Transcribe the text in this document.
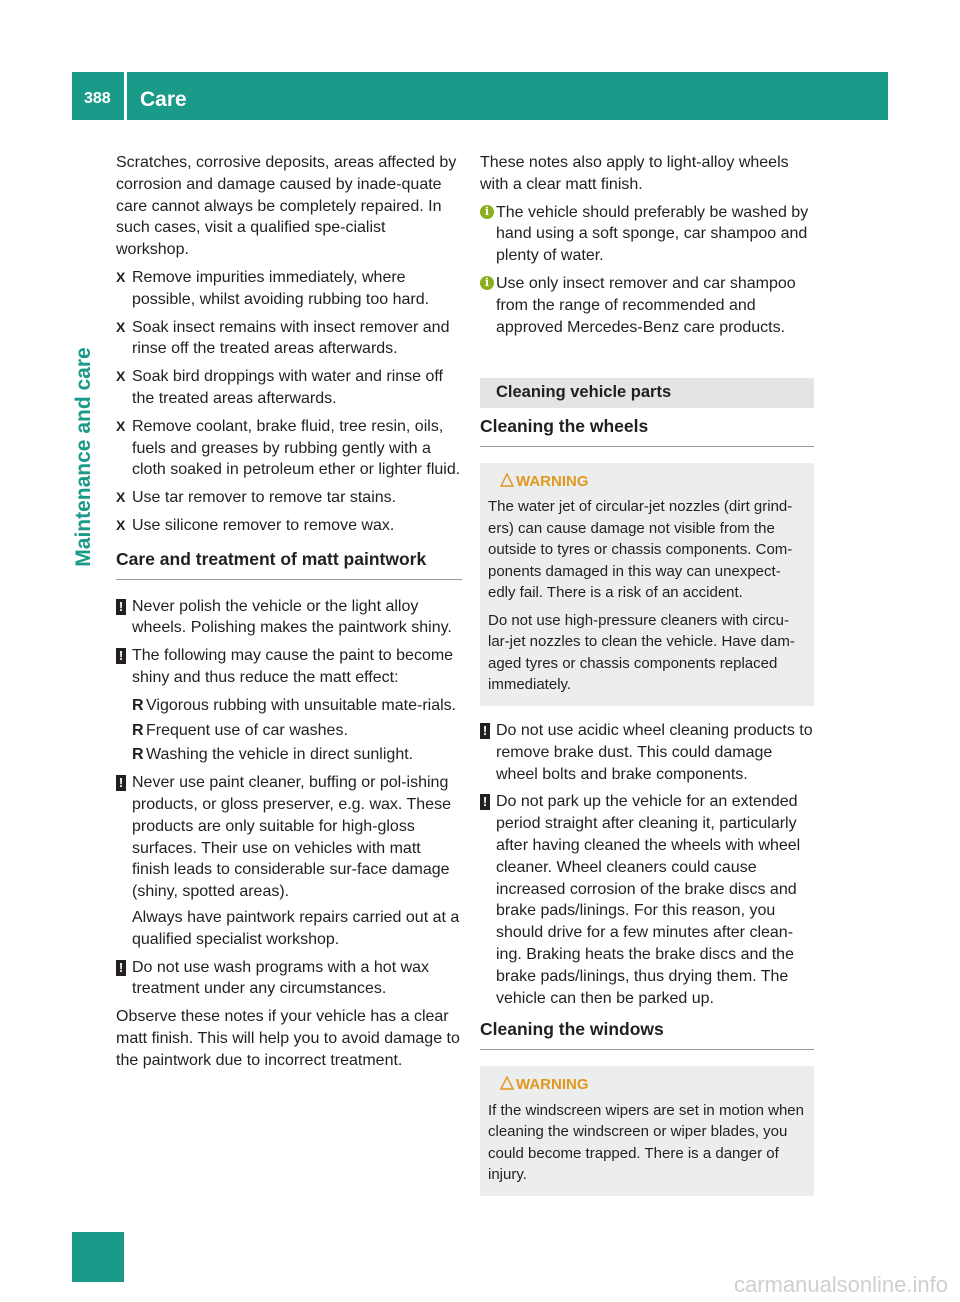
388 Care
Maintenance and care

Scratches, corrosive deposits, areas affected by corrosion and damage caused by inade-quate care cannot always be completely repaired. In such cases, visit a qualified spe-cialist workshop.

X Remove impurities immediately, where possible, whilst avoiding rubbing too hard.
X Soak insect remains with insect remover and rinse off the treated areas afterwards.
X Soak bird droppings with water and rinse off the treated areas afterwards.
X Remove coolant, brake fluid, tree resin, oils, fuels and greases by rubbing gently with a cloth soaked in petroleum ether or lighter fluid.
X Use tar remover to remove tar stains.
X Use silicone remover to remove wax.
Care and treatment of matt paintwork
! Never polish the vehicle or the light alloy wheels. Polishing makes the paintwork shiny.
! The following may cause the paint to become shiny and thus reduce the matt effect:
R Vigorous rubbing with unsuitable mate-rials.
R Frequent use of car washes.
R Washing the vehicle in direct sunlight.
! Never use paint cleaner, buffing or pol-ishing products, or gloss preserver, e.g. wax. These products are only suitable for high-gloss surfaces. Their use on vehicles with matt finish leads to considerable sur-face damage (shiny, spotted areas).
Always have paintwork repairs carried out at a qualified specialist workshop.
! Do not use wash programs with a hot wax treatment under any circumstances.

Observe these notes if your vehicle has a clear matt finish. This will help you to avoid damage to the paintwork due to incorrect treatment.

These notes also apply to light-alloy wheels with a clear matt finish.

i The vehicle should preferably be washed by hand using a soft sponge, car shampoo and plenty of water.
i Use only insect remover and car shampoo from the range of recommended and approved Mercedes-Benz care products.
Cleaning vehicle parts
Cleaning the wheels
WARNING

The water jet of circular-jet nozzles (dirt grind-ers) can cause damage not visible from the outside to tyres or chassis components. Com-ponents damaged in this way can unexpect-edly fail. There is a risk of an accident.

Do not use high-pressure cleaners with circu-lar-jet nozzles to clean the vehicle. Have dam-aged tyres or chassis components replaced immediately.

! Do not use acidic wheel cleaning products to remove brake dust. This could damage wheel bolts and brake components.
! Do not park up the vehicle for an extended period straight after cleaning it, particularly after having cleaned the wheels with wheel cleaner. Wheel cleaners could cause increased corrosion of the brake discs and brake pads/linings. For this reason, you should drive for a few minutes after clean-ing. Braking heats the brake discs and the brake pads/linings, thus drying them. The vehicle can then be parked up.
Cleaning the windows
WARNING

If the windscreen wipers are set in motion when cleaning the windscreen or wiper blades, you could become trapped. There is a danger of injury.

carmanualsonline.info
